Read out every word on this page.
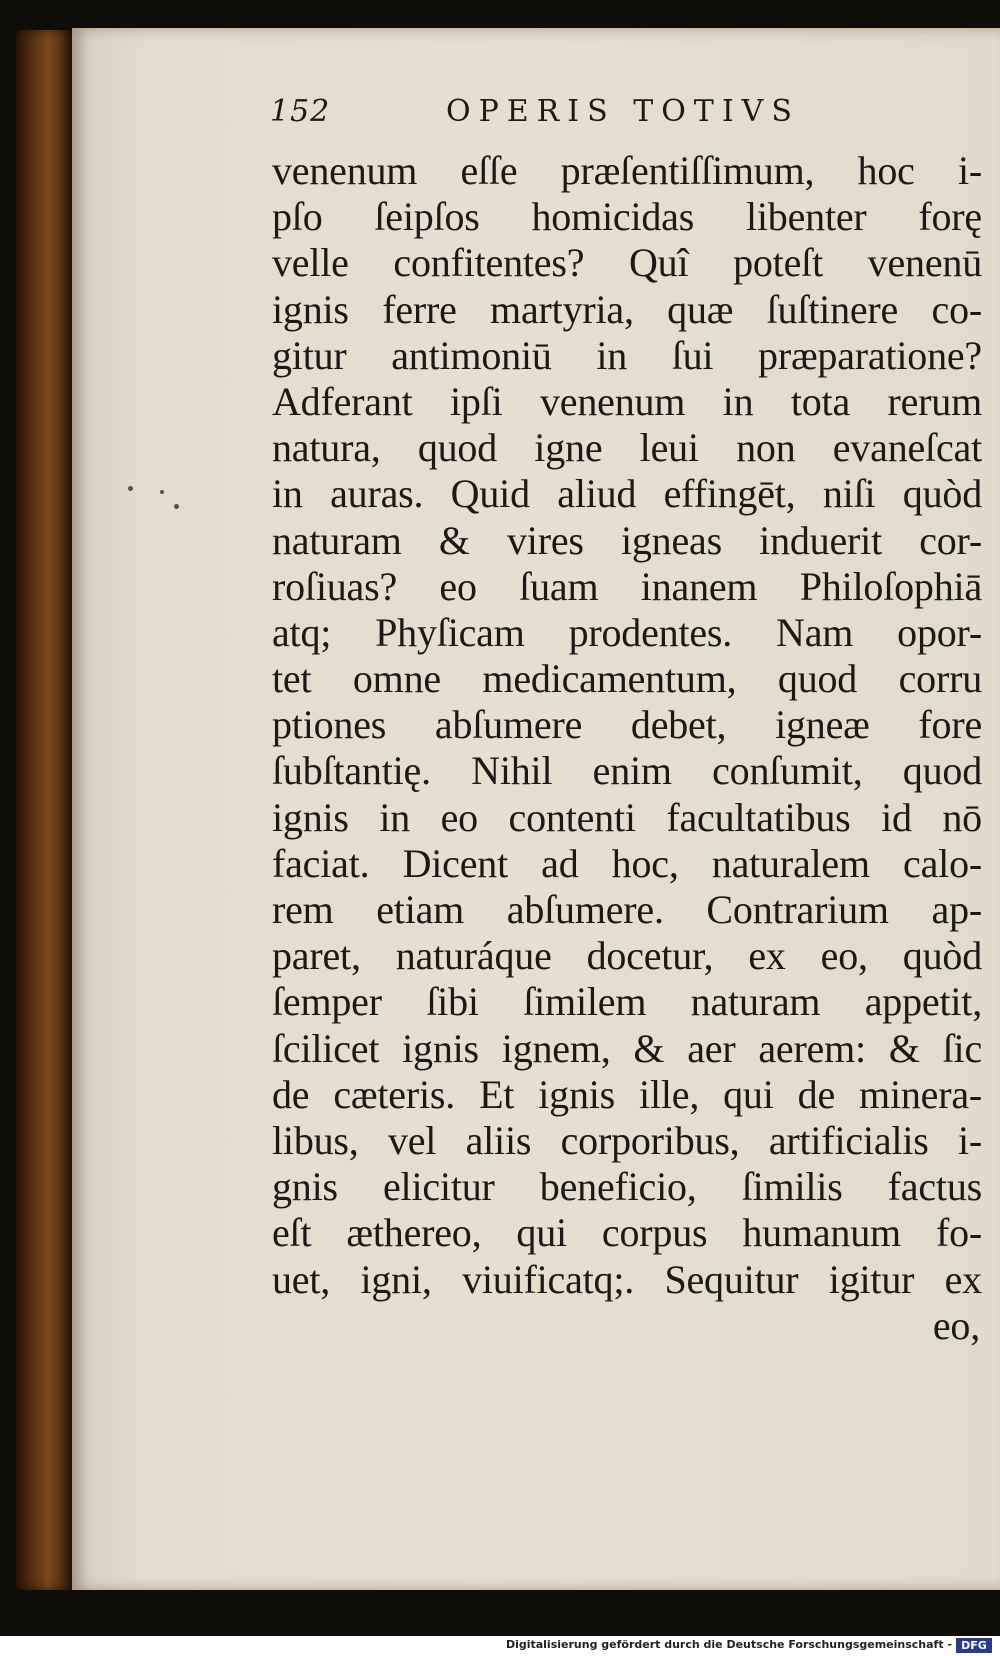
152	OPERIS TOTIVS
venenum eſſe præſentiſſimum, hoc i-
pſo ſeipſos homicidas libenter forę
velle confitentes? Quî poteſt venenū
ignis ferre martyria, quæ ſuſtinere co-
gitur antimoniū in ſui præparatione?
Adferant ipſi venenum in tota rerum
natura, quod igne leui non evaneſcat
in auras. Quid aliud effingēt, niſi quòd
naturam & vires igneas induerit cor-
roſiuas? eo ſuam inanem Philoſophiā
atq; Phyſicam prodentes. Nam opor-
tet omne medicamentum, quod corru
ptiones abſumere debet, igneæ fore
ſubſtantię. Nihil enim conſumit, quod
ignis in eo contenti facultatibus id nō
faciat. Dicent ad hoc, naturalem calo-
rem etiam abſumere. Contrarium ap-
paret, naturáque docetur, ex eo, quòd
ſemper ſibi ſimilem naturam appetit,
ſcilicet ignis ignem, & aer aerem: & ſic
de cæteris. Et ignis ille, qui de minera-
libus, vel aliis corporibus, artificialis i-
gnis elicitur beneficio, ſimilis factus
eſt æthereo, qui corpus humanum fo-
uet, igni, viuificatq;. Sequitur igitur ex
eo,
Digitalisierung gefördert durch die Deutsche Forschungsgemeinschaft - DFG
